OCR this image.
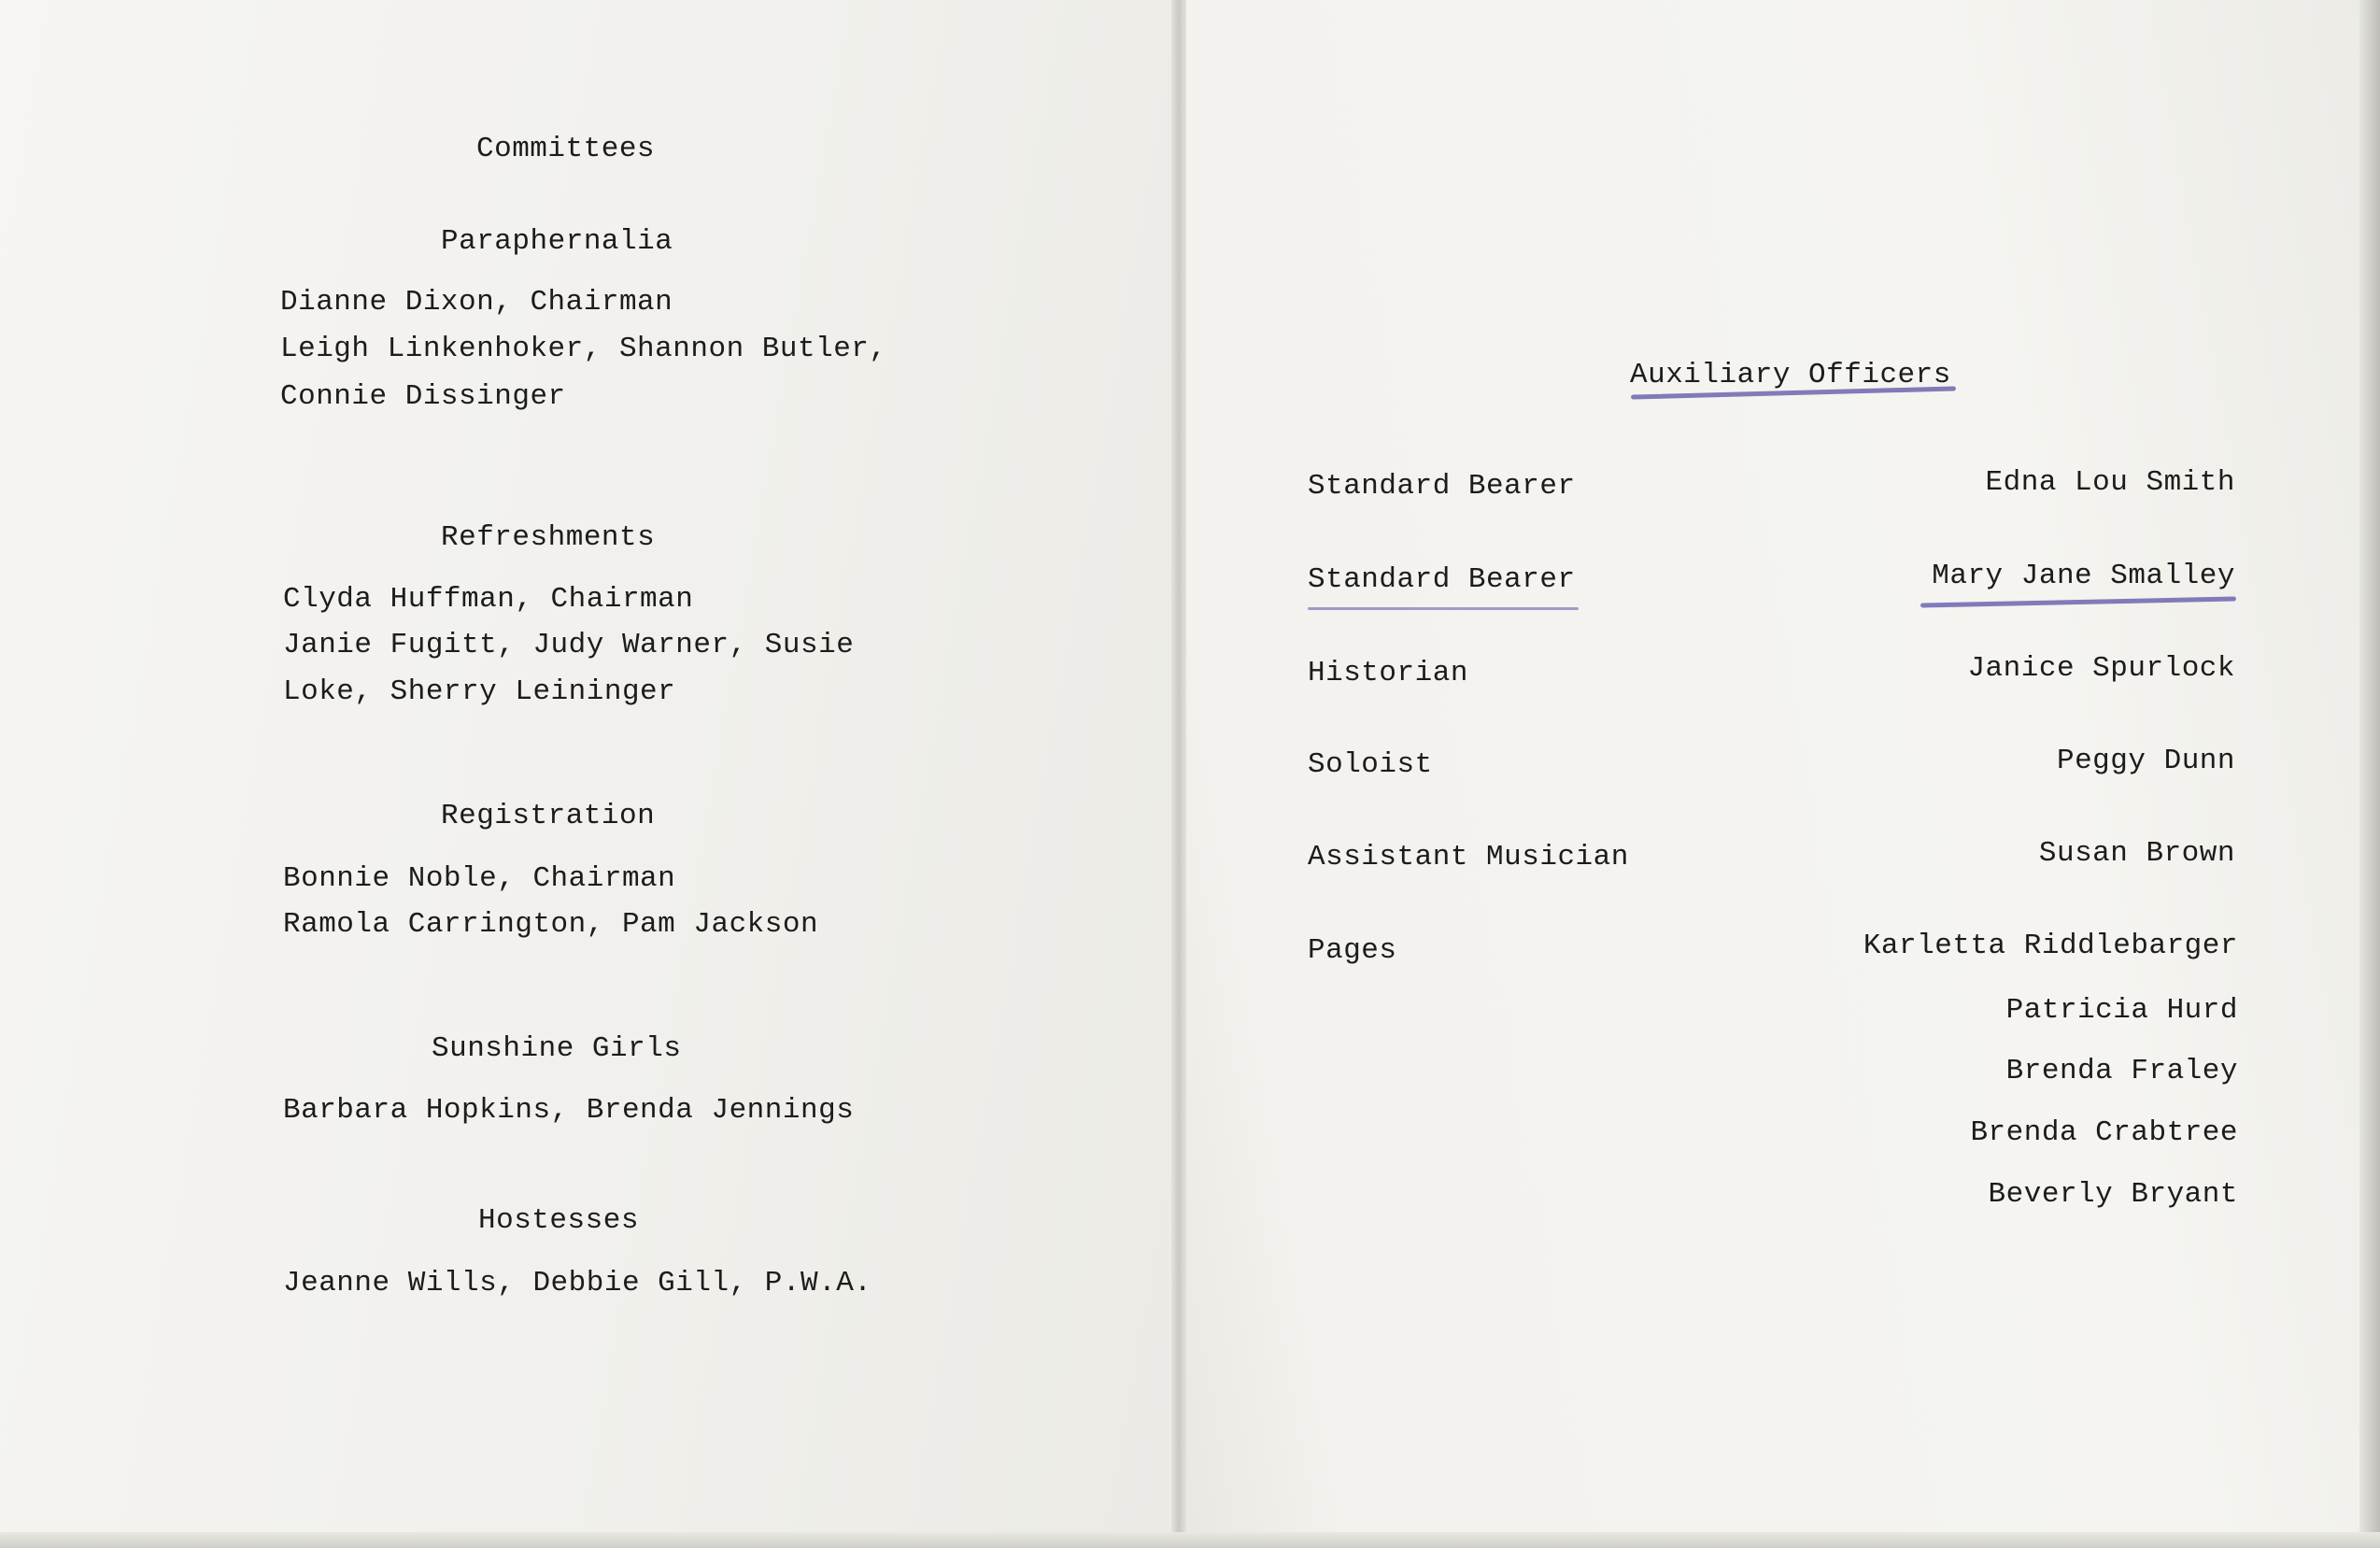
Committees

Paraphernalia

Dianne Dixon, Chairman

Leigh Linkenhoker, Shannon Butler,

Connie Dissinger

Refreshments

Clyda Huffman, Chairman

Janie Fugitt, Judy Warner, Susie

Loke, Sherry Leininger

Registration

Bonnie Noble, Chairman

Ramola Carrington, Pam Jackson

Sunshine Girls

Barbara Hopkins, Brenda Jennings

Hostesses

Jeanne Wills, Debbie Gill, P.W.A.

Auxiliary Officers

Standard Bearer	Edna Lou Smith

Standard Bearer	Mary Jane Smalley

Historian	Janice Spurlock

Soloist	Peggy Dunn

Assistant Musician	Susan Brown

Pages	Karletta Riddlebarger

Patricia Hurd

Brenda Fraley

Brenda Crabtree

Beverly Bryant
